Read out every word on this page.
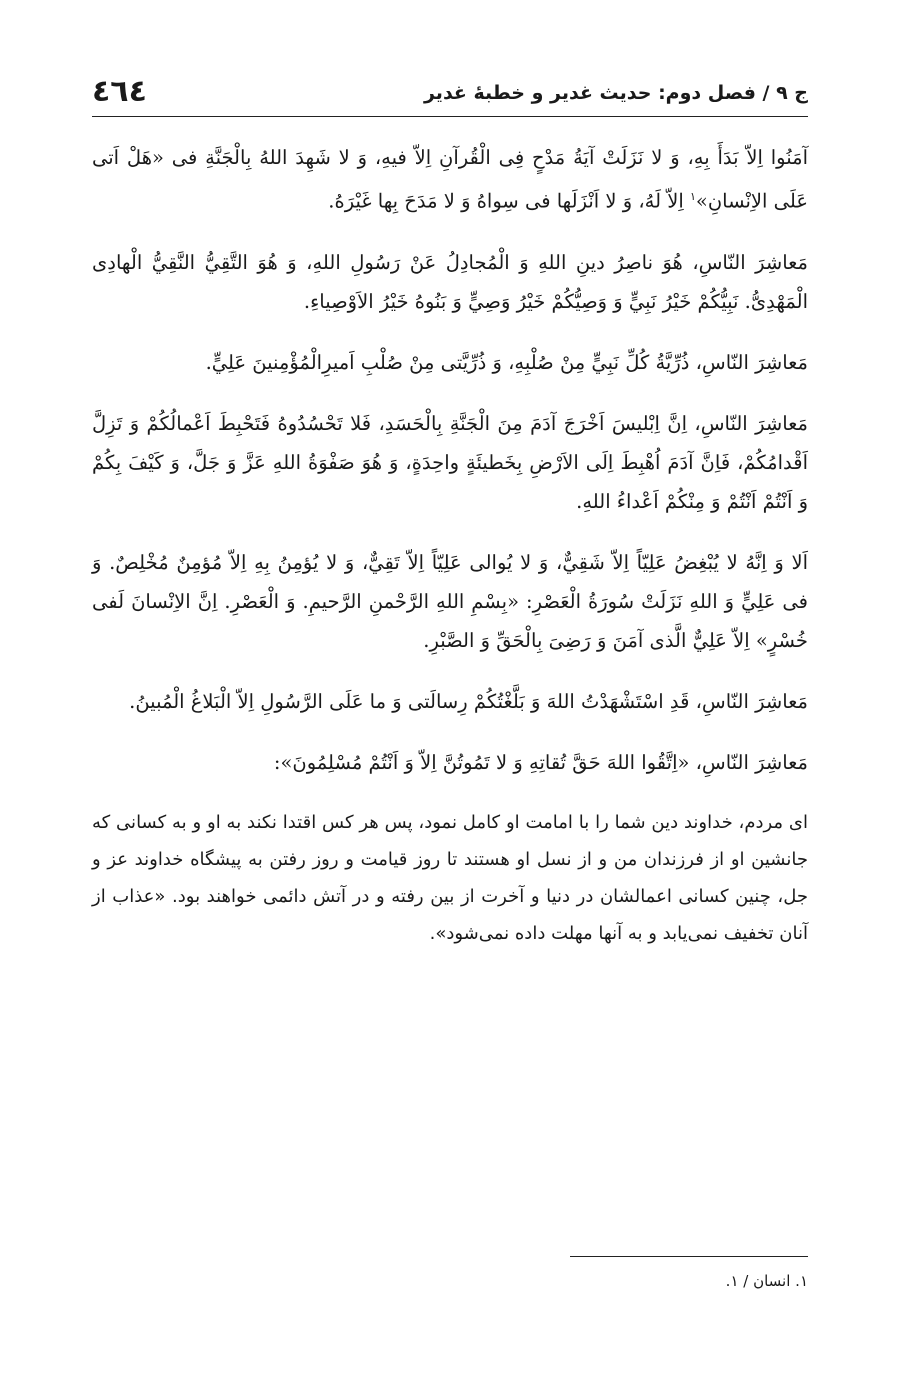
ج ۹ / فصل دوم: حدیث غدیر و خطبهٔ غدیر
٤٦٤

آمَنُوا اِلاّ بَدَأَ بِهِ، وَ لا نَزَلَتْ آيَةُ مَدْحٍ فِى الْقُرآنِ اِلاّ فيهِ، وَ لا شَهِدَ اللهُ بِالْجَنَّةِ فى «هَلْ اَتى عَلَى الاِنْسانِ»$^١$ اِلاّ لَهُ، وَ لا اَنْزَلَها فى سِواهُ وَ لا مَدَحَ بِها غَيْرَهُ.

مَعاشِرَ النّاسِ، هُوَ ناصِرُ دينِ اللهِ وَ الْمُجادِلُ عَنْ رَسُولِ اللهِ، وَ هُوَ التَّقِيُّ النَّقِيُّ الْهادِى الْمَهْدِىُّ. نَبِيُّكُمْ خَيْرُ نَبِيٍّ وَ وَصِيُّكُمْ خَيْرُ وَصِيٍّ وَ بَنُوهُ خَيْرُ الاَوْصِياءِ.

مَعاشِرَ النّاسِ، ذُرِّيَّةُ كُلِّ نَبِيٍّ مِنْ صُلْبِهِ، وَ ذُرِّيَّتى مِنْ صُلْبِ اَميرِالْمُؤْمِنينَ عَلِيٍّ.

مَعاشِرَ النّاسِ، اِنَّ اِبْليسَ اَخْرَجَ آدَمَ مِنَ الْجَنَّةِ بِالْحَسَدِ، فَلا تَحْسُدُوهُ فَتَحْبِطَ اَعْمالُكُمْ وَ تَزِلَّ اَقْدامُكُمْ، فَاِنَّ آدَمَ اُهْبِطَ اِلَى الاَرْضِ بِخَطيئَةٍ واحِدَةٍ، وَ هُوَ صَفْوَةُ اللهِ عَزَّ وَ جَلَّ، وَ كَيْفَ بِكُمْ وَ اَنْتُمْ اَنْتُمْ وَ مِنْكُمْ اَعْداءُ اللهِ.

اَلا وَ اِنَّهُ لا يُبْغِضُ عَلِيّاً اِلاّ شَقِيٌّ، وَ لا يُوالى عَلِيّاً اِلاّ تَقِيٌّ، وَ لا يُؤمِنُ بِهِ اِلاّ مُؤمِنٌ مُخْلِصٌ. وَ فى عَلِيٍّ وَ اللهِ نَزَلَتْ سُورَةُ الْعَصْرِ: «بِسْمِ اللهِ الرَّحْمنِ الرَّحيمِ. وَ الْعَصْرِ. اِنَّ الاِنْسانَ لَفى خُسْرٍ» اِلاّ عَلِيٌّ الَّذى آمَنَ وَ رَضِىَ بِالْحَقِّ وَ الصَّبْرِ.

مَعاشِرَ النّاسِ، قَدِ اسْتَشْهَدْتُ اللهَ وَ بَلَّغْتُكُمْ رِسالَتى وَ ما عَلَى الرَّسُولِ اِلاّ الْبَلاغُ الْمُبينُ.

مَعاشِرَ النّاسِ، «اِتَّقُوا اللهَ حَقَّ تُقاتِهِ وَ لا تَمُوتُنَّ اِلاّ وَ اَنْتُمْ مُسْلِمُونَ»:

ای مردم، خداوند دین شما را با امامت او کامل نمود، پس هر کس اقتدا نکند به او و به کسانی که جانشین او از فرزندان من و از نسل او هستند تا روز قیامت و روز رفتن به پیشگاه خداوند عز و جل، چنین کسانی اعمالشان در دنیا و آخرت از بین رفته و در آتش دائمی خواهند بود. «عذاب از آنان تخفیف نمی‌یابد و به آنها مهلت داده نمی‌شود».

١. انسان / ١.
